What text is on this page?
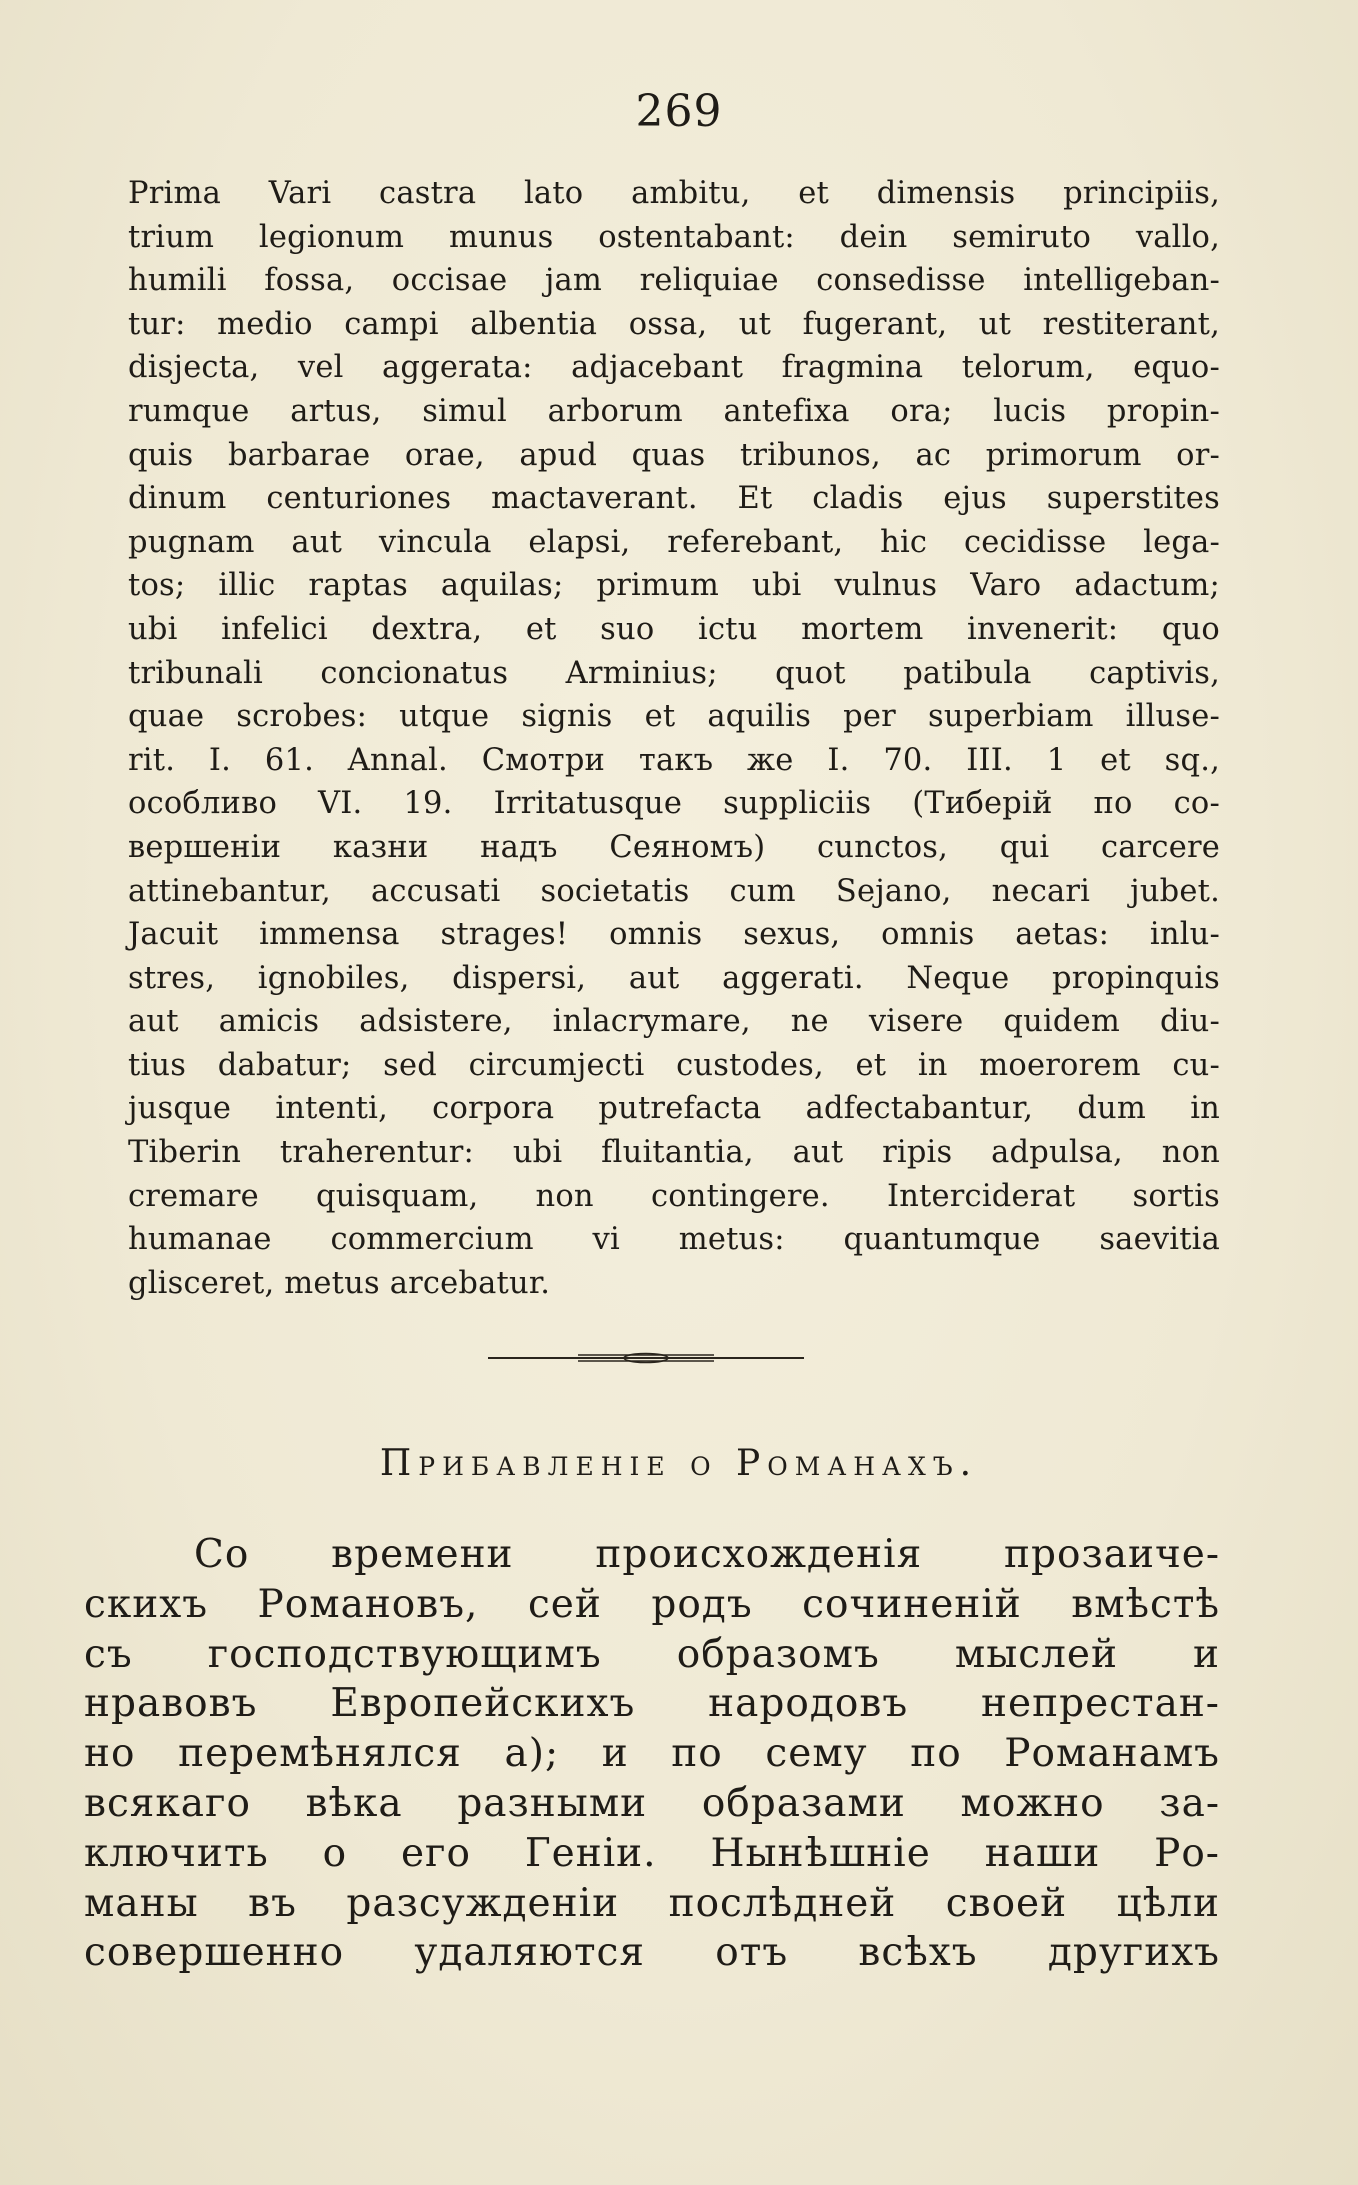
269
Prima Vari castra lato ambitu, et dimensis principiis,
trium legionum munus ostentabant: dein semiruto vallo,
humili fossa, occisae jam reliquiae consedisse intelligeban-
tur: medio campi albentia ossa, ut fugerant, ut restiterant,
disjecta, vel aggerata: adjacebant fragmina telorum, equo-
rumque artus, simul arborum antefixa ora; lucis propin-
quis barbarae orae, apud quas tribunos, ac primorum or-
dinum centuriones mactaverant. Et cladis ejus superstites
pugnam aut vincula elapsi, referebant, hic cecidisse lega-
tos; illic raptas aquilas; primum ubi vulnus Varo adactum;
ubi infelici dextra, et suo ictu mortem invenerit: quo
tribunali concionatus Arminius; quot patibula captivis,
quae scrobes: utque signis et aquilis per superbiam illuse-
rit. I. 61. Annal. Смотри такъ же I. 70. III. 1 et sq.,
особливо VI. 19. Irritatusque suppliciis (Тиберiй по со-
вершенiи казни надъ Сеяномъ) cunctos, qui carcere
attinebantur, accusati societatis cum Sejano, necari jubet.
Jacuit immensa strages! omnis sexus, omnis aetas: inlu-
stres, ignobiles, dispersi, aut aggerati. Neque propinquis
aut amicis adsistere, inlacrymare, ne visere quidem diu-
tius dabatur; sed circumjecti custodes, et in moerorem cu-
jusque intenti, corpora putrefacta adfectabantur, dum in
Tiberin traherentur: ubi fluitantia, aut ripis adpulsa, non
cremare quisquam, non contingere. Interciderat sortis
humanae commercium vi metus: quantumque saevitia
glisceret, metus arcebatur.
Прибавленiе о Романахъ.
Со времени происхожденiя прозаиче-
скихъ Романовъ, сей родъ сочиненiй вмѣстѣ
съ господствующимъ образомъ мыслей и
нравовъ Европейскихъ народовъ непрестан-
но перемѣнялся а); и по сему по Романамъ
всякаго вѣка разными образами можно за-
ключить о его Генiи. Нынѣшнiе наши Ро-
маны въ разсужденiи послѣдней своей цѣли
совершенно удаляются отъ всѣхъ другихъ
